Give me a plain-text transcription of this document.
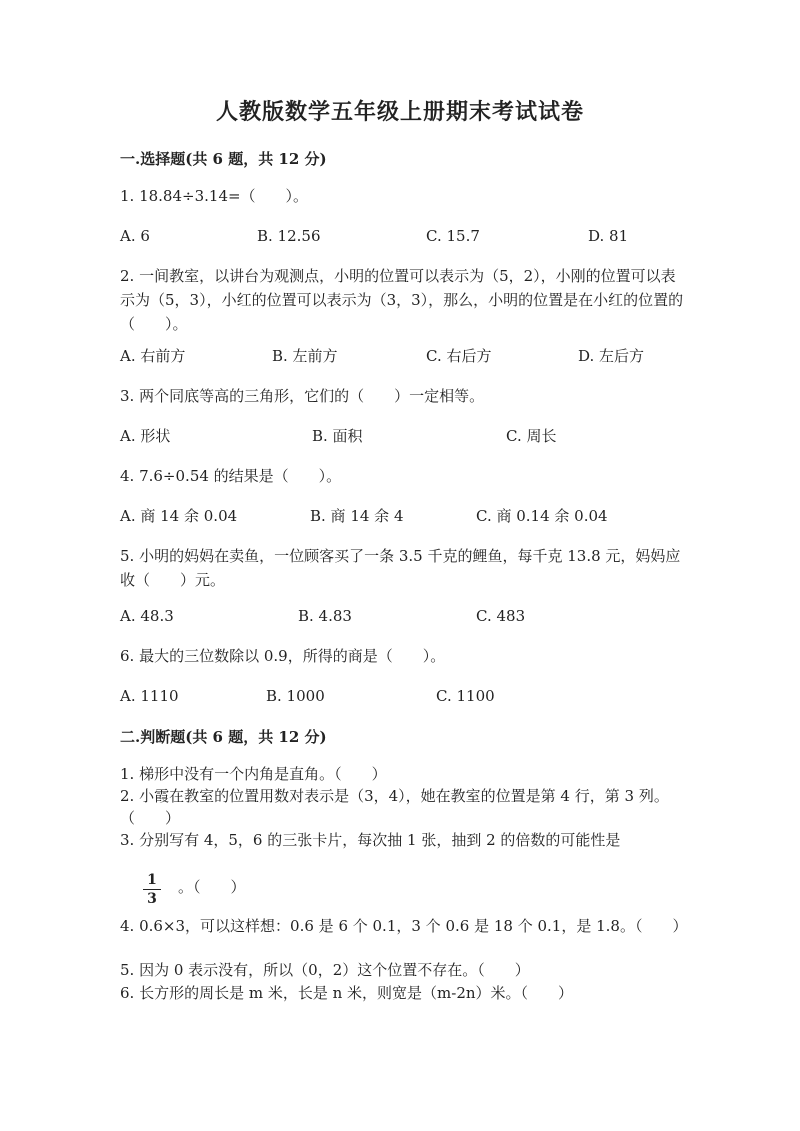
人教版数学五年级上册期末考试试卷
一.选择题(共 6 题，共 12 分)
1. 18.84÷3.14=（　　）。
A. 6	B. 12.56	C. 15.7	D. 81
2. 一间教室，以讲台为观测点，小明的位置可以表示为（5，2），小刚的位置可以表示为（5，3），小红的位置可以表示为（3，3），那么，小明的位置是在小红的位置的（　　）。
A. 右前方	B. 左前方	C. 右后方	D. 左后方
3. 两个同底等高的三角形，它们的（　　）一定相等。
A. 形状	B. 面积	C. 周长
4. 7.6÷0.54 的结果是（　　）。
A. 商 14 余 0.04	B. 商 14 余 4	C. 商 0.14 余 0.04
5. 小明的妈妈在卖鱼，一位顾客买了一条 3.5 千克的鲤鱼，每千克 13.8 元，妈妈应收（　　）元。
A. 48.3	B. 4.83	C. 483
6. 最大的三位数除以 0.9，所得的商是（　　）。
A. 1110	B. 1000	C. 1100
二.判断题(共 6 题，共 12 分)
1. 梯形中没有一个内角是直角。（　　）
2. 小霞在教室的位置用数对表示是（3，4），她在教室的位置是第 4 行，第 3 列。（　　）
3. 分别写有 4，5，6 的三张卡片，每次抽 1 张，抽到 2 的倍数的可能性是
1
3
。（　　）
4. 0.6×3，可以这样想：0.6 是 6 个 0.1，3 个 0.6 是 18 个 0.1，是 1.8。（　　）
5. 因为 0 表示没有，所以（0，2）这个位置不存在。（　　）
6. 长方形的周长是 m 米，长是 n 米，则宽是（m-2n）米。（　　）
